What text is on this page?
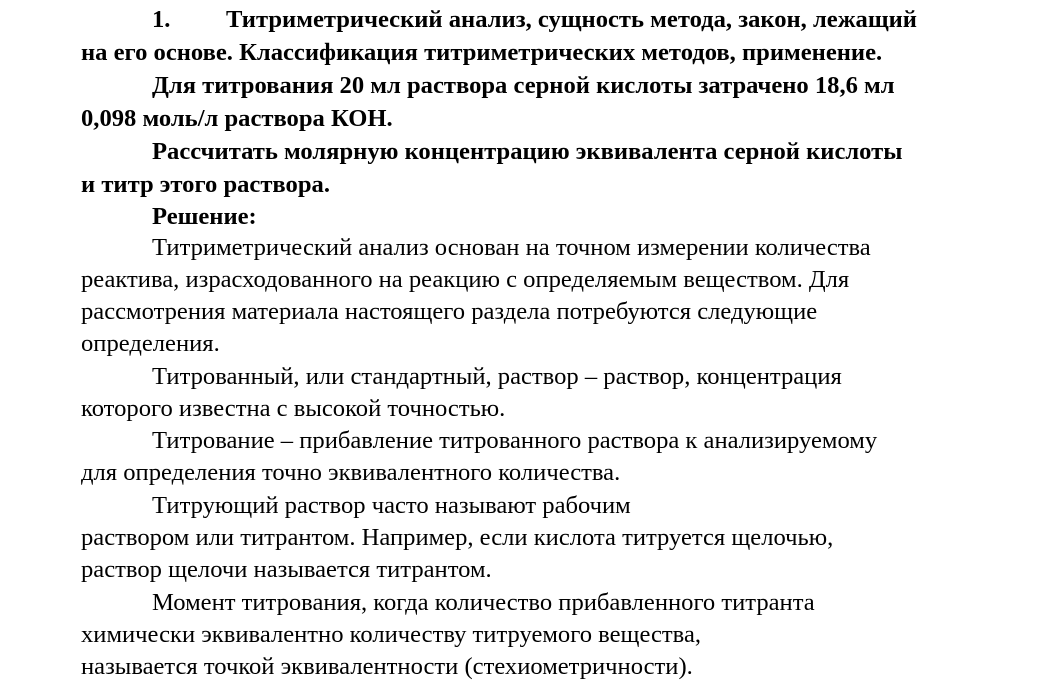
1. Титриметрический анализ, сущность метода, закон, лежащий
на его основе. Классификация титриметрических методов, применение.
Для титрования 20 мл раствора серной кислоты затрачено 18,6 мл
0,098 моль/л раствора КОН.
Рассчитать молярную концентрацию эквивалента серной кислоты
и титр этого раствора.
Решение:
Титриметрический анализ основан на точном измерении количества
реактива, израсходованного на реакцию с определяемым веществом. Для
рассмотрения материала настоящего раздела потребуются следующие
определения.
Титрованный, или стандартный, раствор – раствор, концентрация
которого известна с высокой точностью.
Титрование – прибавление титрованного раствора к анализируемому
для определения точно эквивалентного количества.
Титрующий раствор часто называют рабочим
раствором или титрантом. Например, если кислота титруется щелочью,
раствор щелочи называется титрантом.
Момент титрования, когда количество прибавленного титранта
химически эквивалентно количеству титруемого вещества,
называется точкой эквивалентности (стехиометричности).
